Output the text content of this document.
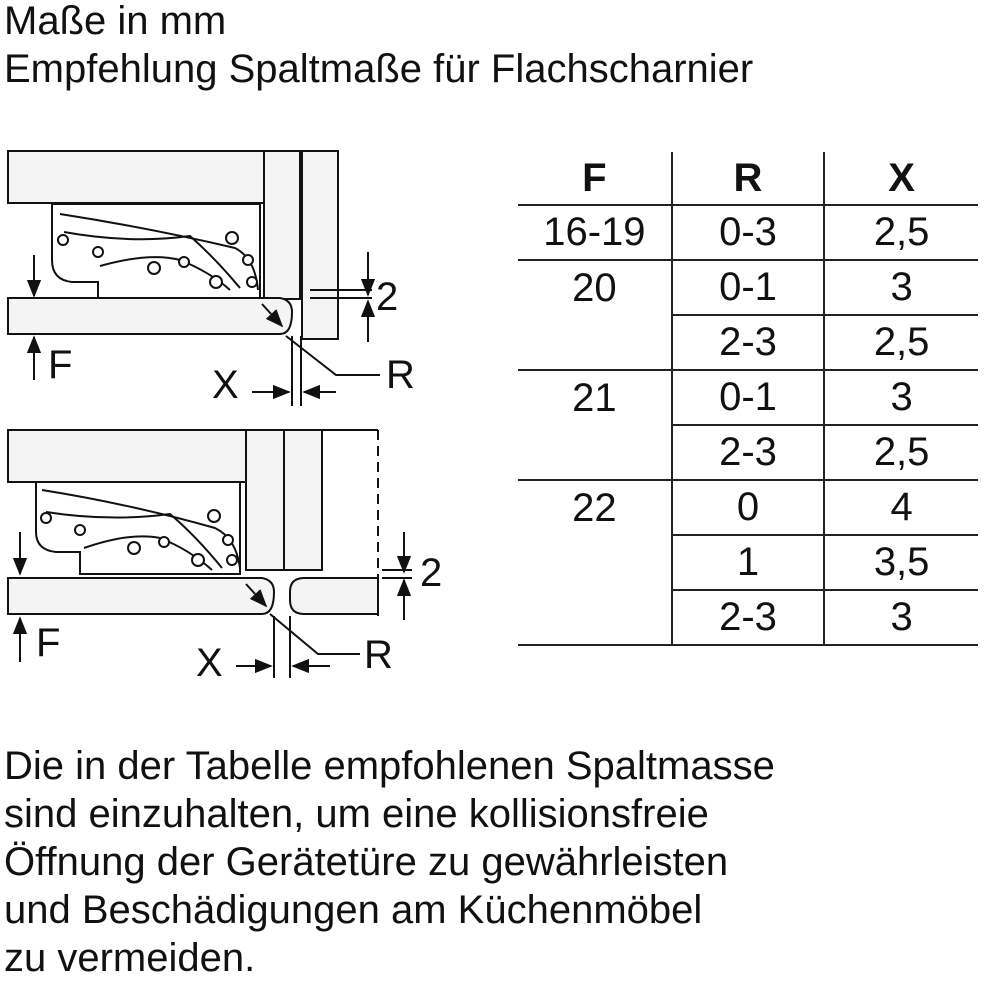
Maße in mm
Empfehlung Spaltmaße für Flachscharnier
2
F	X	R
2
F	X	R
F	R	X
16-19	0-3	2,5
20	0-1	3
	2-3	2,5
21	0-1	3
	2-3	2,5
22	0	4
	1	3,5
	2-3	3
Die in der Tabelle empfohlenen Spaltmasse
sind einzuhalten, um eine kollisionsfreie
Öffnung der Gerätetüre zu gewährleisten
und Beschädigungen am Küchenmöbel
zu vermeiden.
